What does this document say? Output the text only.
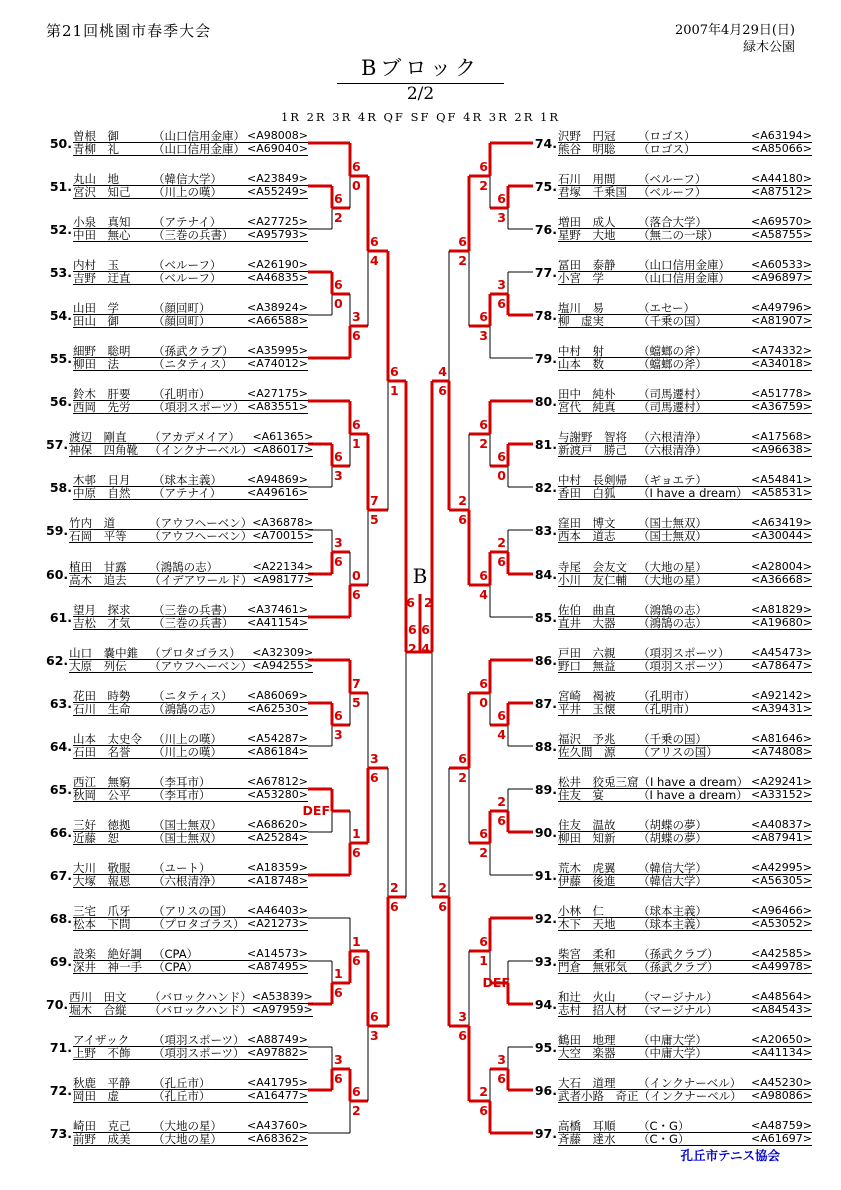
第21回桃園市春季大会	2007年4月29日(日)
緑木公園
Bブロック
2/2
1R 2R 3R 4R QF SF QF 4R 3R 2R 1R
50. 曽根　御	（山口信用金庫） <A98008>
青柳　礼	（山口信用金庫） <A69040>
51. 丸山　地	（韓信大学） <A23849>
宮沢　知己	（川上の嘆） <A55249>
52. 小泉　真知	（アテナイ） <A27725>
中田　無心	（三巻の兵書） <A95793>
53. 内村　玉	（ベルーフ） <A26190>
吉野　迂直	（ベルーフ） <A46835>
54. 山田　学	（顔回町）	<A38924>
田山　御	（顔回町）	<A66588>
55. 細野　聡明	（孫武クラブ） <A35995>
柳田　法	（ニタティス） <A74012>
56. 鈴木　肝要	（孔明市）	<A27175>
西岡　先労	（項羽スポーツ） <A83551>
57. 渡辺　剛直	（アカデメイア） <A61365>
神保　四角靴 （インクナーベル） <A86017>
58. 木邨　日月	（球本主義） <A94869>
中原　自然	（アテナイ） <A49616>
59. 竹内　道	（アウフヘーベン） <A36878>
石岡　平等	（アウフヘーベン） <A70015>
60. 植田　甘露	（鴻鵠の志）	<A22134>
高木　追去	（イデアワールド） <A98177>
61. 望月　探求	（三巻の兵書） <A37461>
吉松　才気	（三巻の兵書） <A41154>
62. 山口　嚢中錐 （プロタゴラス） <A32309>
大原　列伝	（アウフヘーベン） <A94255>
63. 花田　時勢	（ニタティス） <A86069>
石川　生命	（鴻鵠の志） <A62530>
64. 山本　太史令 （川上の嘆） <A54287>
石田　名誉	（川上の嘆） <A86184>
65. 西江　無窮	（李耳市）	<A67812>
秋岡　公平	（李耳市）	<A53280>
66. 三好　徳拠	（国士無双） <A68620>
近藤　恕	（国士無双） <A25284>
67. 大川　敬服	（ユート）	<A18359>
大塚　報恩	（六根清浄） <A18748>
68. 三宅　爪牙	（アリスの国） <A46403>
松本　下問	（プロタゴラス） <A21273>
69. 設楽　絶好調 （CPA）	<A14573>
深井　神一手 （CPA）	<A87495>
70. 西川　田文	（バロックハンド） <A53839>
堀木　合縦	（バロックハンド） <A97959>
71. アイザック	（項羽スポーツ） <A88749>
上野　不飾	（項羽スポーツ） <A97882>
72. 秋鹿　平静	（孔丘市）	<A41795>
岡田　虚	（孔丘市）	<A16477>
73. 崎田　克己	（大地の星） <A43760>
前野　成美	（大地の星） <A68362>
74. 沢野　円冠	（ロゴス）	<A63194>
熊谷　明聡	（ロゴス）	<A85066>
75. 石川　用間	（ベルーフ）	<A44180>
君塚　千乗国 （ベルーフ）	<A87512>
76. 増田　成人	（落合大学）	<A69570>
星野　大地	（無二の一球）	<A58755>
77. 冨田　泰静	（山口信用金庫） <A60533>
小宮　学	（山口信用金庫） <A96897>
78. 塩川　易	（エセー）	<A49796>
柳　虚実	（千乗の国）	<A81907>
79. 中村　射	（蟷螂の斧）	<A74332>
山本　数	（蟷螂の斧）	<A34018>
80. 田中　純朴	（司馬遷村）	<A51778>
宮代　純真	（司馬遷村）	<A36759>
81. 与謝野　智将 （六根清浄）	<A17568>
新渡戸　勝己 （六根清浄）	<A96638>
82. 中村　長剣帰 （ギョエテ）	<A54841>
香田　白狐	（I have a dream） <A58531>
83. 窪田　博文	（国士無双）	<A63419>
西本　道志	（国士無双）	<A30044>
84. 寺尾　会友文 （大地の星）	<A28004>
小川　友仁輔 （大地の星）	<A36668>
85. 佐伯　曲直	（鴻鵠の志）	<A81829>
直井　大器	（鴻鵠の志）	<A19680>
86. 戸田　六親	（項羽スポーツ） <A45473>
野口　無益	（項羽スポーツ） <A78647>
87. 宮崎　褐被	（孔明市）	<A92142>
平井　玉懐	（孔明市）	<A39431>
88. 福沢　予兆	（千乗の国）	<A81646>
佐久間　源	（アリスの国）	<A74808>
89. 松井　狡兎三窟 （I have a dream） <A29241>
住友　宴	（I have a dream） <A33152>
90. 住友　温故	（胡蝶の夢）	<A40837>
柳田　知新	（胡蝶の夢）	<A87941>
91. 荒木　虎翼	（韓信大学）	<A42995>
伊藤　後進	（韓信大学）	<A56305>
92. 小林　仁	（球本主義）	<A96466>
木下　天地	（球本主義）	<A53052>
93. 柴宮　柔和	（孫武クラブ）	<A42585>
門倉　無邪気 （孫武クラブ）	<A49978>
94. 和辻　火山	（マージナル）	<A48564>
志村　招人材 （マージナル）	<A84543>
95. 鶴田　地理	（中庸大学）	<A20650>
大空　楽器	（中庸大学）	<A41134>
96. 大石　道理	（インクナーベル） <A45230>
武者小路　奇正 （インクナーベル） <A98086>
97. 高橋　耳順	（C・G）	<A48759>
斉藤　達水	（C・G）	<A61697>
6
2
6
0
6
3
3
6
6
3
DEF
1
6
3
6
6
0
3
6
6
1
0
6
7
5
1
6
1
6
6
2
6
4
7
5
3
6
6
3
6
1
2
6
6
2
6
3
3
6
6
0
2
6
6
4
2
6
DEF
3
6
6
2
6
3
6
2
6
4
6
0
6
2
6
1
2
6
6
2
2
6
6
2
3
6
4
6
2
6
6
4
B
6 2
孔丘市テニス協会
